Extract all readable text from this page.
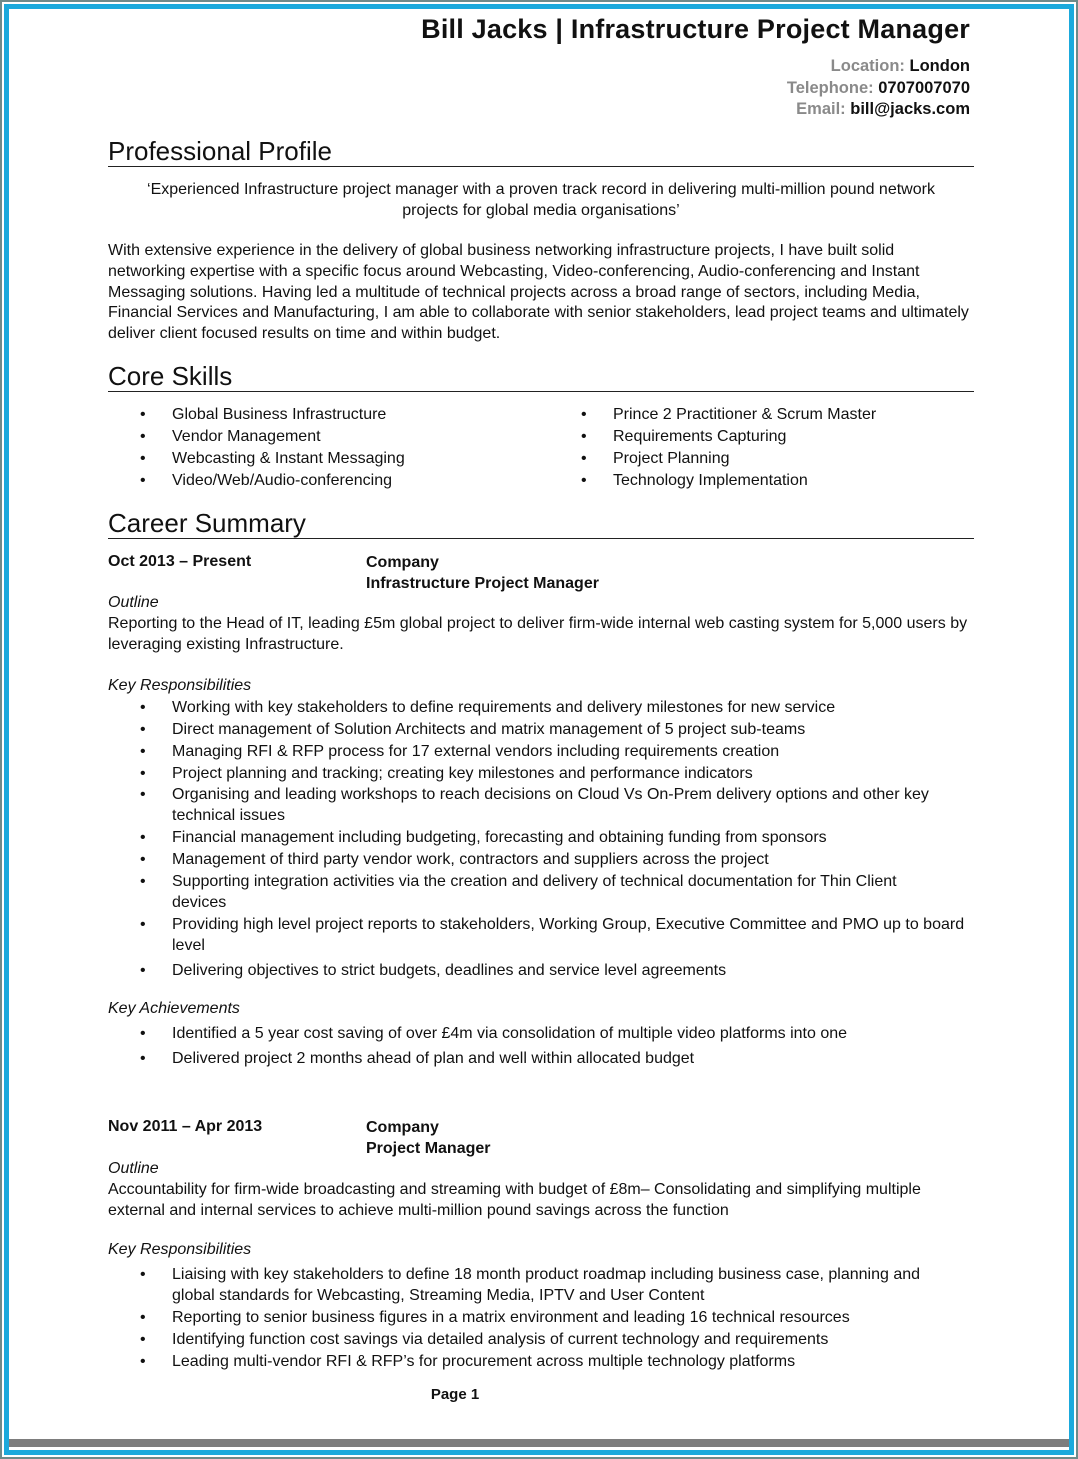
Bill Jacks | Infrastructure Project Manager
Location: London
Telephone: 0707007070
Email: bill@jacks.com
Professional Profile
‘Experienced Infrastructure project manager with a proven track record in delivering multi-million pound network projects for global media organisations’
With extensive experience in the delivery of global business networking infrastructure projects, I have built solid networking expertise with a specific focus around Webcasting, Video-conferencing, Audio-conferencing and Instant Messaging solutions. Having led a multitude of technical projects across a broad range of sectors, including Media, Financial Services and Manufacturing, I am able to collaborate with senior stakeholders, lead project teams and ultimately deliver client focused results on time and within budget.
Core Skills
• Global Business Infrastructure
• Vendor Management
• Webcasting & Instant Messaging
• Video/Web/Audio-conferencing
• Prince 2 Practitioner & Scrum Master
• Requirements Capturing
• Project Planning
• Technology Implementation
Career Summary
Oct 2013 – Present	Company
Infrastructure Project Manager
Outline
Reporting to the Head of IT, leading £5m global project to deliver firm-wide internal web casting system for 5,000 users by leveraging existing Infrastructure.
Key Responsibilities
• Working with key stakeholders to define requirements and delivery milestones for new service
• Direct management of Solution Architects and matrix management of 5 project sub-teams
• Managing RFI & RFP process for 17 external vendors including requirements creation
• Project planning and tracking; creating key milestones and performance indicators
• Organising and leading workshops to reach decisions on Cloud Vs On-Prem delivery options and other key technical issues
• Financial management including budgeting, forecasting and obtaining funding from sponsors
• Management of third party vendor work, contractors and suppliers across the project
• Supporting integration activities via the creation and delivery of technical documentation for Thin Client devices
• Providing high level project reports to stakeholders, Working Group, Executive Committee and PMO up to board level
• Delivering objectives to strict budgets, deadlines and service level agreements
Key Achievements
• Identified a 5 year cost saving of over £4m via consolidation of multiple video platforms into one
• Delivered project 2 months ahead of plan and well within allocated budget
Nov 2011 – Apr 2013	Company
Project Manager
Outline
Accountability for firm-wide broadcasting and streaming with budget of £8m– Consolidating and simplifying multiple external and internal services to achieve multi-million pound savings across the function
Key Responsibilities
• Liaising with key stakeholders to define 18 month product roadmap including business case, planning and global standards for Webcasting, Streaming Media, IPTV and User Content
• Reporting to senior business figures in a matrix environment and leading 16 technical resources
• Identifying function cost savings via detailed analysis of current technology and requirements
• Leading multi-vendor RFI & RFP’s for procurement across multiple technology platforms
Page 1
